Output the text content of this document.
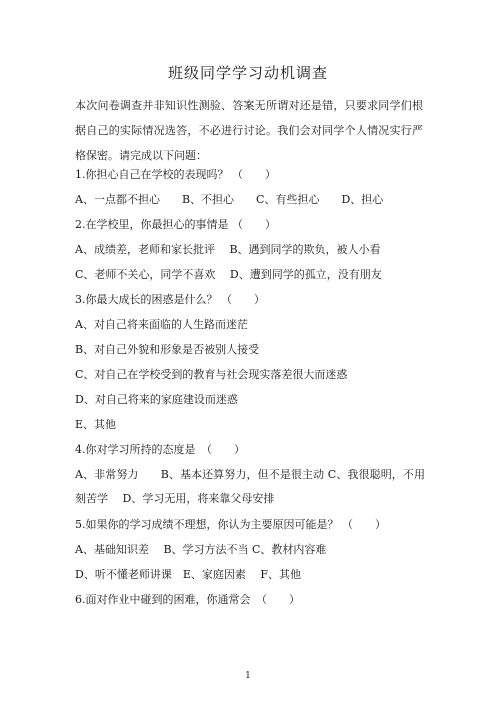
班级同学学习动机调查
本次问卷调查并非知识性测验、答案无所谓对还是错，只要求同学们根据自己的实际情况选答，不必进行讨论。我们会对同学个人情况实行严格保密。请完成以下问题：
1.你担心自己在学校的表现吗？ （　　）
A、一点都不担心　　B、不担心　　C、有些担心　　D、担心
2.在学校里，你最担心的事情是 （　　）
A、成绩差，老师和家长批评　 B、遇到同学的欺负，被人小看
C、老师不关心，同学不喜欢　 D、遭到同学的孤立，没有朋友
3.你最大成长的困惑是什么？ （　　）
A、对自己将来面临的人生路而迷茫
B、对自己外貌和形象是否被别人接受
C、对自己在学校受到的教育与社会现实落差很大而迷惑
D、对自己将来的家庭建设而迷惑
E、其他
4.你对学习所持的态度是　（　　）
A、非常努力　　B、基本还算努力，但不是很主动 C、我很聪明，不用刻苦学　 D、学习无用，将来靠父母安排
5.如果你的学习成绩不理想，你认为主要原因可能是？ （　　）
A、基础知识差　 B、学习方法不当 C、教材内容难
D、听不懂老师讲课　E、家庭因素　 F、其他
6.面对作业中碰到的困难，你通常会　（　　）
1
